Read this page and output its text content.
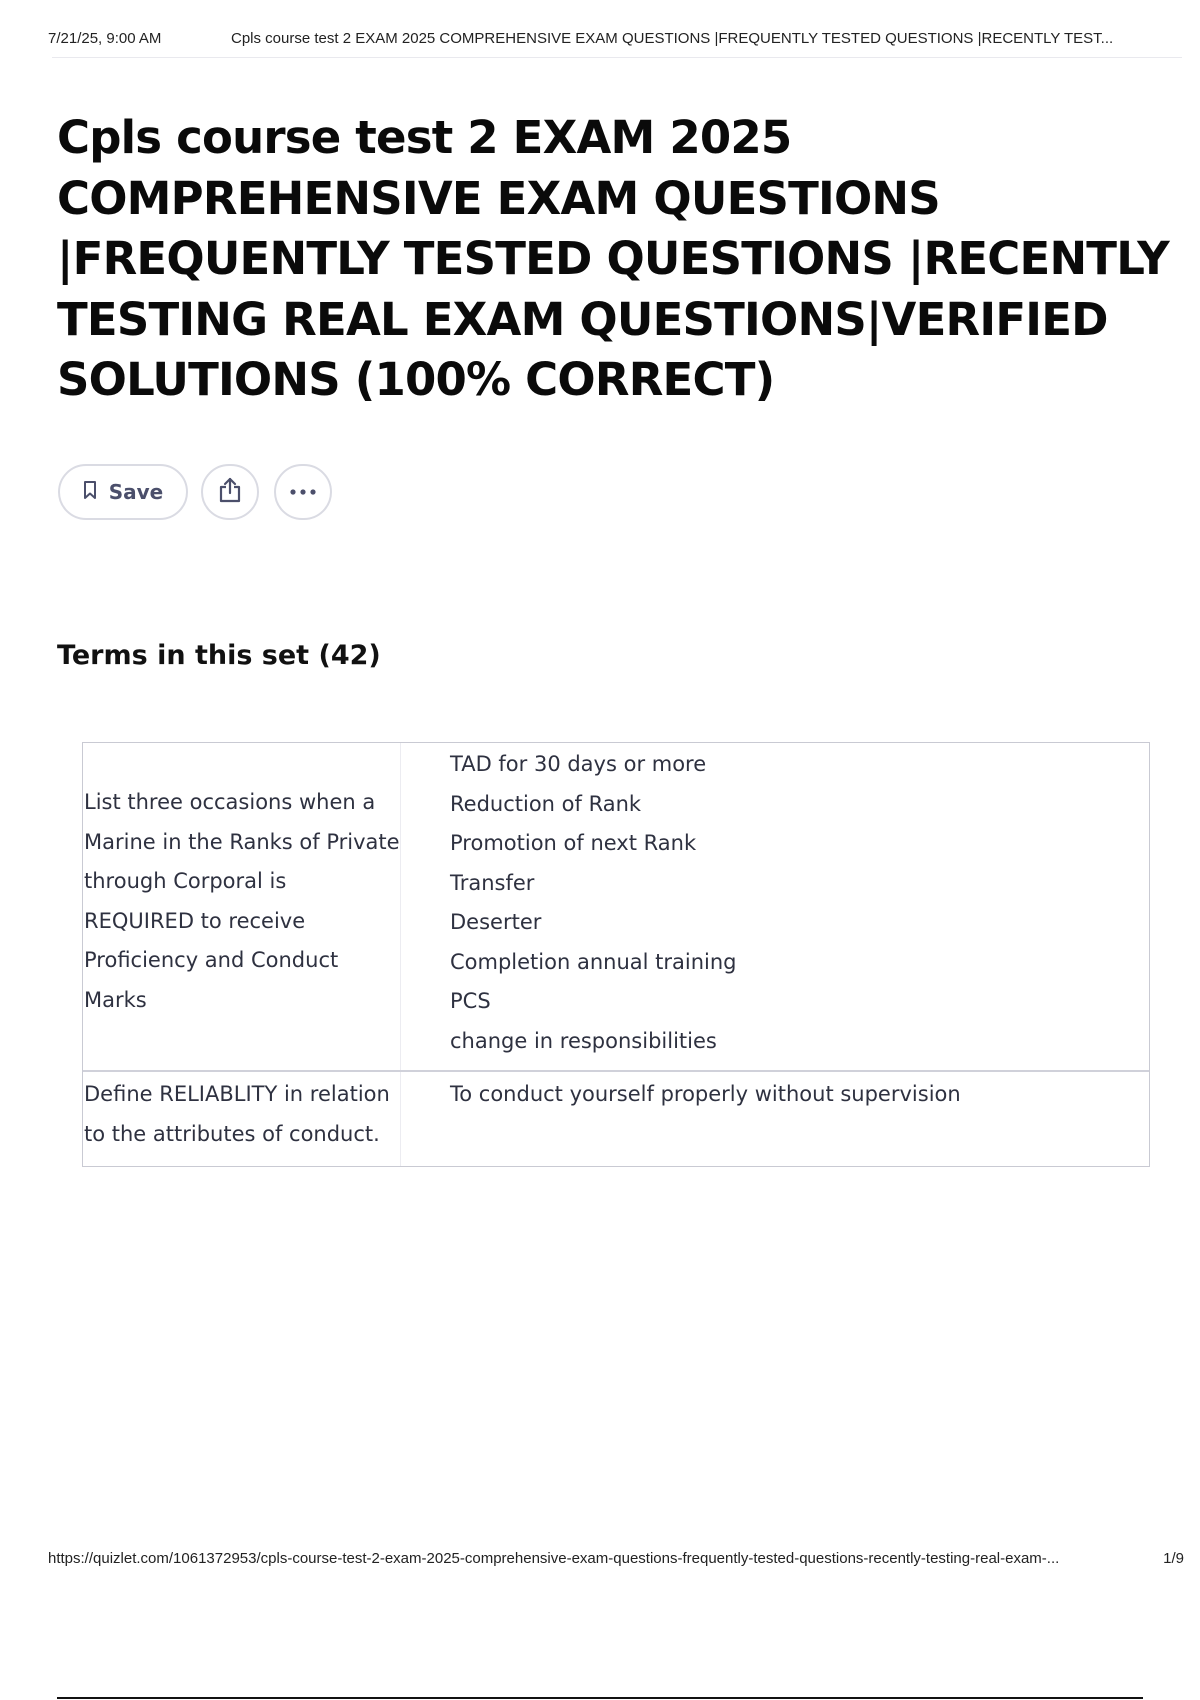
7/21/25, 9:00 AM	Cpls course test 2 EXAM 2025 COMPREHENSIVE EXAM QUESTIONS |FREQUENTLY TESTED QUESTIONS |RECENTLY TEST...
Cpls course test 2 EXAM 2025 COMPREHENSIVE EXAM QUESTIONS |FREQUENTLY TESTED QUESTIONS |RECENTLY TESTING REAL EXAM QUESTIONS|VERIFIED SOLUTIONS (100% CORRECT)
Save
Terms in this set (42)
List three occasions when a Marine in the Ranks of Private through Corporal is REQUIRED to receive Proficiency and Conduct Marks
TAD for 30 days or more
Reduction of Rank
Promotion of next Rank
Transfer
Deserter
Completion annual training
PCS
change in responsibilities
Define RELIABLITY in relation to the attributes of conduct.
To conduct yourself properly without supervision
https://quizlet.com/1061372953/cpls-course-test-2-exam-2025-comprehensive-exam-questions-frequently-tested-questions-recently-testing-real-exam-...	1/9
